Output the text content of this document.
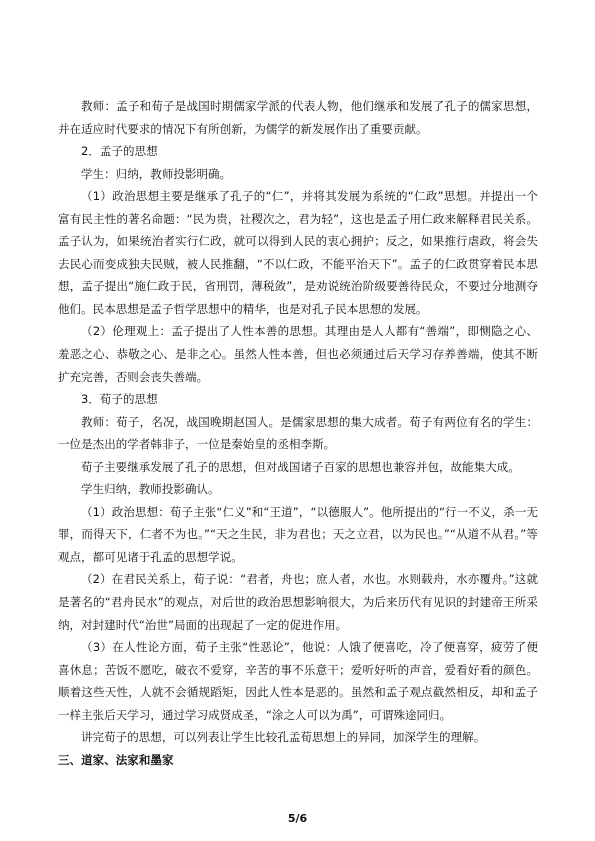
教师：孟子和荀子是战国时期儒家学派的代表人物，他们继承和发展了孔子的儒家思想，并在适应时代要求的情况下有所创新，为儒学的新发展作出了重要贡献。

2．孟子的思想

学生：归纳，教师投影明确。

（1）政治思想主要是继承了孔子的“仁”，并将其发展为系统的“仁政”思想。并提出一个富有民主性的著名命题：“民为贵，社稷次之，君为轻”，这也是孟子用仁政来解释君民关系。孟子认为，如果统治者实行仁政，就可以得到人民的衷心拥护；反之，如果推行虐政，将会失去民心而变成独夫民贼，被人民推翻，“不以仁政，不能平治天下”。孟子的仁政贯穿着民本思想，孟子提出“施仁政于民，省刑罚，薄税敛”，是劝说统治阶级要善待民众，不要过分地测夺他们。民本思想是孟子哲学思想中的精华，也是对孔子民本思想的发展。

（2）伦理观上：孟子提出了人性本善的思想。其理由是人人都有“善端”，即恻隐之心、羞恶之心、恭敬之心、是非之心。虽然人性本善，但也必须通过后天学习存养善端，使其不断扩充完善，否则会丧失善端。

3．荀子的思想

教师：荀子，名况，战国晚期赵国人。是儒家思想的集大成者。荀子有两位有名的学生：一位是杰出的学者韩非子，一位是秦始皇的丞相李斯。

荀子主要继承发展了孔子的思想，但对战国诸子百家的思想也兼容并包，故能集大成。

学生归纳，教师投影确认。

（1）政治思想：荀子主张“仁义”和“王道”，“以德服人”。他所提出的“行一不义，杀一无罪，而得天下，仁者不为也。”“天之生民，非为君也；天之立君，以为民也。”“从道不从君。”等观点，都可见诸于孔孟的思想学说。

（2）在君民关系上，荀子说：“君者，舟也；庶人者，水也。水则载舟，水亦覆舟。”这就是著名的“君舟民水”的观点，对后世的政治思想影响很大，为后来历代有见识的封建帝王所采纳，对封建时代“治世”局面的出现起了一定的促进作用。

（3）在人性论方面，荀子主张“性恶论”，他说：人饿了便喜吃，冷了便喜穿，疲劳了便喜休息；苦饭不愿吃，破衣不爱穿，辛苦的事不乐意干；爱听好听的声音，爱看好看的颜色。顺着这些天性，人就不会循规蹈矩，因此人性本是恶的。虽然和孟子观点截然相反，却和孟子一样主张后天学习，通过学习成贤成圣，“涂之人可以为禹”，可谓殊途同归。

讲完荀子的思想，可以列表让学生比较孔孟荀思想上的异同，加深学生的理解。

三、道家、法家和墨家

5/6
